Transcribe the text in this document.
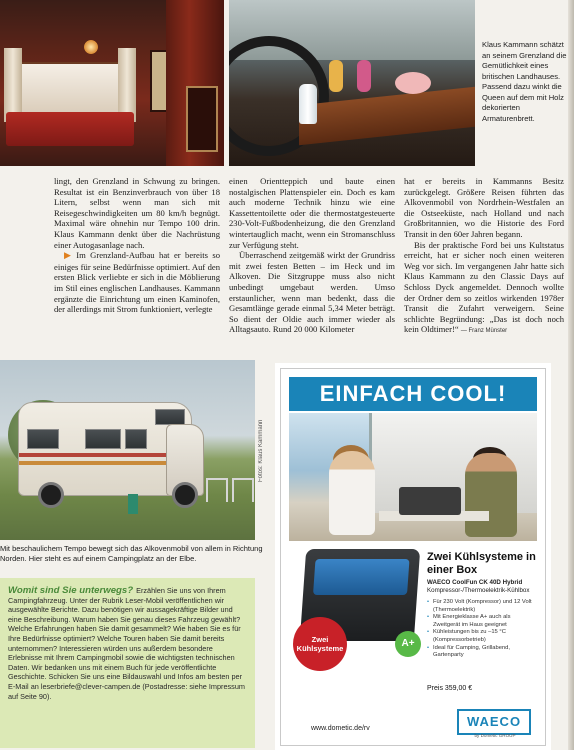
Klaus Kammann schätzt an seinem Grenzland die Gemütlichkeit eines britischen Landhauses. Passend dazu winkt die Queen auf dem mit Holz dekorierten Armaturenbrett.

lingt, den Grenzland in Schwung zu bringen. Resultat ist ein Benzinverbrauch von über 18 Litern, selbst wenn man sich mit Reisegeschwindigkeiten um 80 km/h begnügt. Maximal wäre ohnehin nur Tempo 100 drin. Klaus Kammann denkt über die Nachrüstung einer Autogasanlage nach.

▶ Im Grenzland-Aufbau hat er bereits so einiges für seine Bedürfnisse optimiert. Auf den ersten Blick verliebte er sich in die Möblierung im Stil eines englischen Landhauses. Kammann ergänzte die Einrichtung um einen Kaminofen, der allerdings mit Strom funktioniert, verlegte

einen Orientteppich und baute einen nostalgischen Plattenspieler ein. Doch es kam auch moderne Technik hinzu wie eine Kassettentoilette oder die thermostatgesteuerte 230-Volt-Fußbodenheizung, die den Grenzland wintertauglich macht, wenn ein Stromanschluss zur Verfügung steht.

Überraschend zeitgemäß wirkt der Grundriss mit zwei festen Betten – im Heck und im Alkoven. Die Sitzgruppe muss also nicht unbedingt umgebaut werden. Umso erstaunlicher, wenn man bedenkt, dass die Gesamtlänge gerade einmal 5,34 Meter beträgt. So dient der Oldie auch immer wieder als Alltagsauto. Rund 20 000 Kilometer

hat er bereits in Kammanns Besitz zurückgelegt. Größere Reisen führten das Alkovenmobil von Nordrhein-Westfalen an die Ostseeküste, nach Holland und nach Großbritannien, wo die Historie des Ford Transit in den 60er Jahren begann.

Bis der praktische Ford bei uns Kultstatus erreicht, hat er sicher noch einen weiteren Weg vor sich. Im vergangenen Jahr hatte sich Klaus Kammann zu den Classic Days auf Schloss Dyck angemeldet. Dennoch wollte der Ordner dem so zeitlos wirkenden 1978er Transit die Zufahrt verweigern. Seine schlichte Begründung: „Das ist doch noch kein Oldtimer!“ — Franz Münster

Fotos: Klaus Kammann
Mit beschaulichem Tempo bewegt sich das Alkovenmobil von allem in Richtung Norden. Hier steht es auf einem Campingplatz an der Elbe.
Womit sind Sie unterwegs? Erzählen Sie uns von Ihrem Campingfahrzeug. Unter der Rubrik Leser-Mobil veröffentlichen wir ausgewählte Berichte. Dazu benötigen wir aussagekräftige Bilder und eine Beschreibung. Warum haben Sie genau dieses Fahrzeug gewählt? Welche Erfahrungen haben Sie damit gesammelt? Wie haben Sie es für Ihre Bedürfnisse optimiert? Welche Touren haben Sie damit bereits unternommen? Interessieren würden uns außerdem besondere Erlebnisse mit Ihrem Campingmobil sowie die wichtigsten technischen Daten. Wir bedanken uns mit einem Buch für jede veröffentlichte Geschichte. Schicken Sie uns eine Bildauswahl und Infos am besten per E-Mail an leserbriefe@clever-campen.de (Postadresse: siehe Impressum auf Seite 90).
EINFACH COOL!
Zwei Kühlsysteme	A+
Zwei Kühlsysteme in einer Box
WAECO CoolFun CK 40D Hybrid
Kompressor-/Thermoelektrik-Kühlbox
• Für 230 Volt (Kompressor) und 12 Volt (Thermoelektrik)
• Mit Energieklasse A+ auch als Zweitgerät im Haus geeignet
• Kühleistungen bis zu –15 °C (Kompressorbetrieb)
• Ideal für Camping, Grillabend, Gartenparty
Preis 359,00 €
www.dometic.de/rv	WAECO
by Dometic GROUP
